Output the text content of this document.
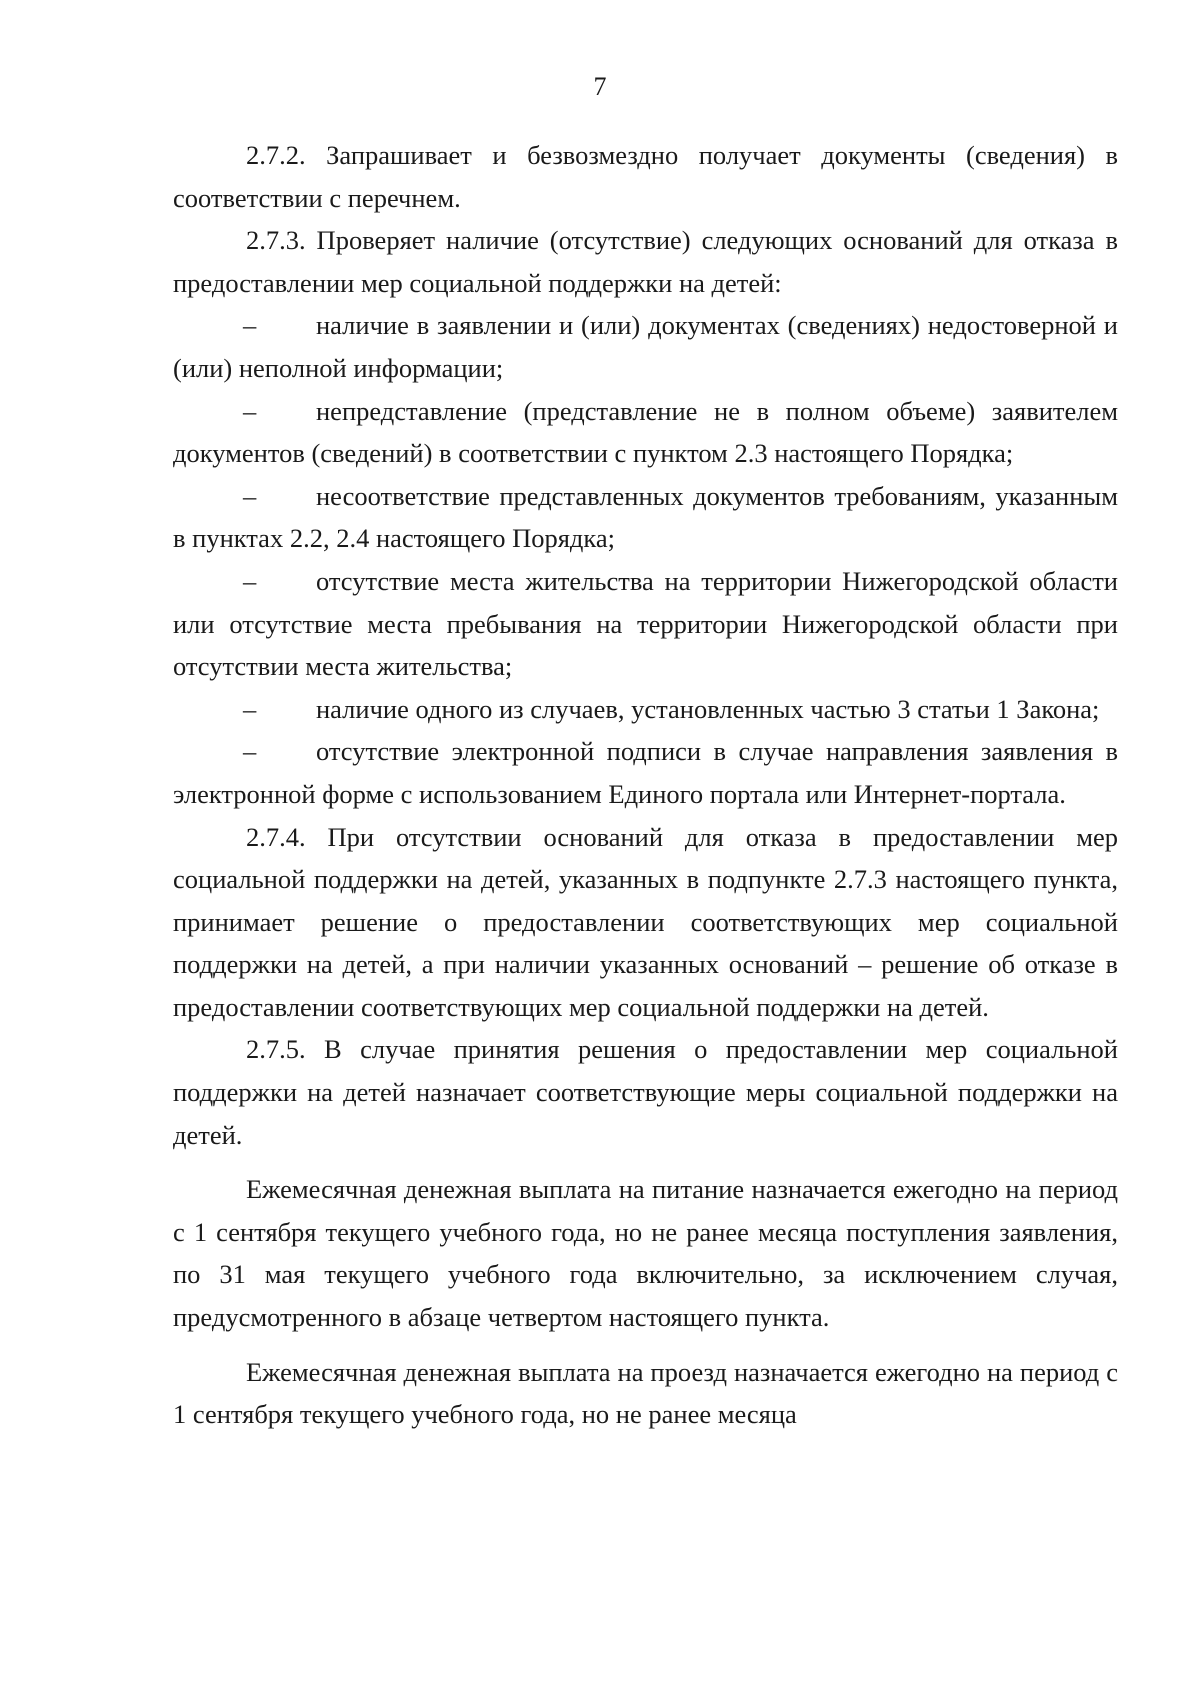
7

2.7.2. Запрашивает и безвозмездно получает документы (сведения) в соответствии с перечнем.

2.7.3. Проверяет наличие (отсутствие) следующих оснований для отказа в предоставлении мер социальной поддержки на детей:

– наличие в заявлении и (или) документах (сведениях) недостоверной и (или) неполной информации;

– непредставление (представление не в полном объеме) заявителем документов (сведений) в соответствии с пунктом 2.3 настоящего Порядка;

– несоответствие представленных документов требованиям, указанным в пунктах 2.2, 2.4 настоящего Порядка;

– отсутствие места жительства на территории Нижегородской области или отсутствие места пребывания на территории Нижегородской области при отсутствии места жительства;

– наличие одного из случаев, установленных частью 3 статьи 1 Закона;

– отсутствие электронной подписи в случае направления заявления в электронной форме с использованием Единого портала или Интернет-портала.

2.7.4. При отсутствии оснований для отказа в предоставлении мер социальной поддержки на детей, указанных в подпункте 2.7.3 настоящего пункта, принимает решение о предоставлении соответствующих мер социальной поддержки на детей, а при наличии указанных оснований – решение об отказе в предоставлении соответствующих мер социальной поддержки на детей.

2.7.5. В случае принятия решения о предоставлении мер социальной поддержки на детей назначает соответствующие меры социальной поддержки на детей.

Ежемесячная денежная выплата на питание назначается ежегодно на период с 1 сентября текущего учебного года, но не ранее месяца поступления заявления, по 31 мая текущего учебного года включительно, за исключением случая, предусмотренного в абзаце четвертом настоящего пункта.

Ежемесячная денежная выплата на проезд назначается ежегодно на период с 1 сентября текущего учебного года, но не ранее месяца
